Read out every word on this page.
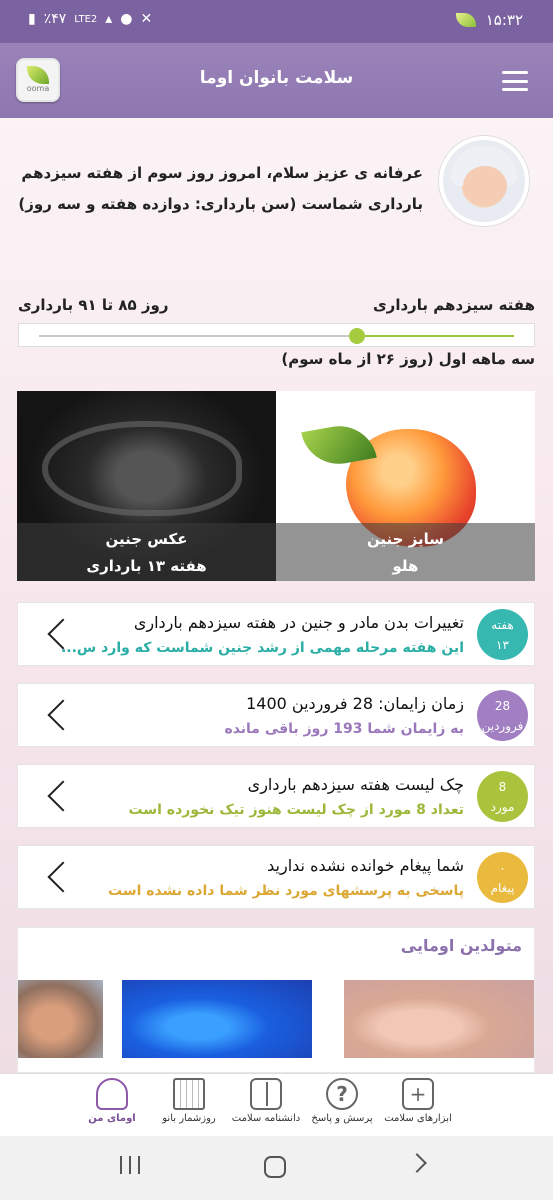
▮ ٪۴۷ LTE2 ▴ ● ✕	۱۵:۳۲
ooma
سلامت بانوان اوما
عرفانه ی عزیز سلام، امروز روز سوم از هفته سیزدهم بارداری شماست (سن بارداری: دوازده هفته و سه روز)
هفته سیزدهم بارداری
روز ۸۵ تا ۹۱ بارداری
سه ماهه اول (روز ۲۶ از ماه سوم)
عکس جنین
هفته ۱۳ بارداری
سایز جنین
هلو
هفته
۱۳
تغییرات بدن مادر و جنین در هفته سیزدهم بارداری
این هفته مرحله مهمی از رشد جنین شماست که وارد س...
28
فروردین
زمان زایمان: 28 فروردین 1400
به زایمان شما 193 روز باقی مانده
8
مورد
چک لیست هفته سیزدهم بارداری
تعداد 8 مورد از چک لیست هنوز تیک نخورده است
۰
پیغام
شما پیغام خوانده نشده ندارید
پاسخی به پرسشهای مورد نظر شما داده نشده است
متولدین اومایی
+
ابزارهای سلامت
?
پرسش و پاسخ
دانشنامه سلامت
روزشمار بانو
اومای من
